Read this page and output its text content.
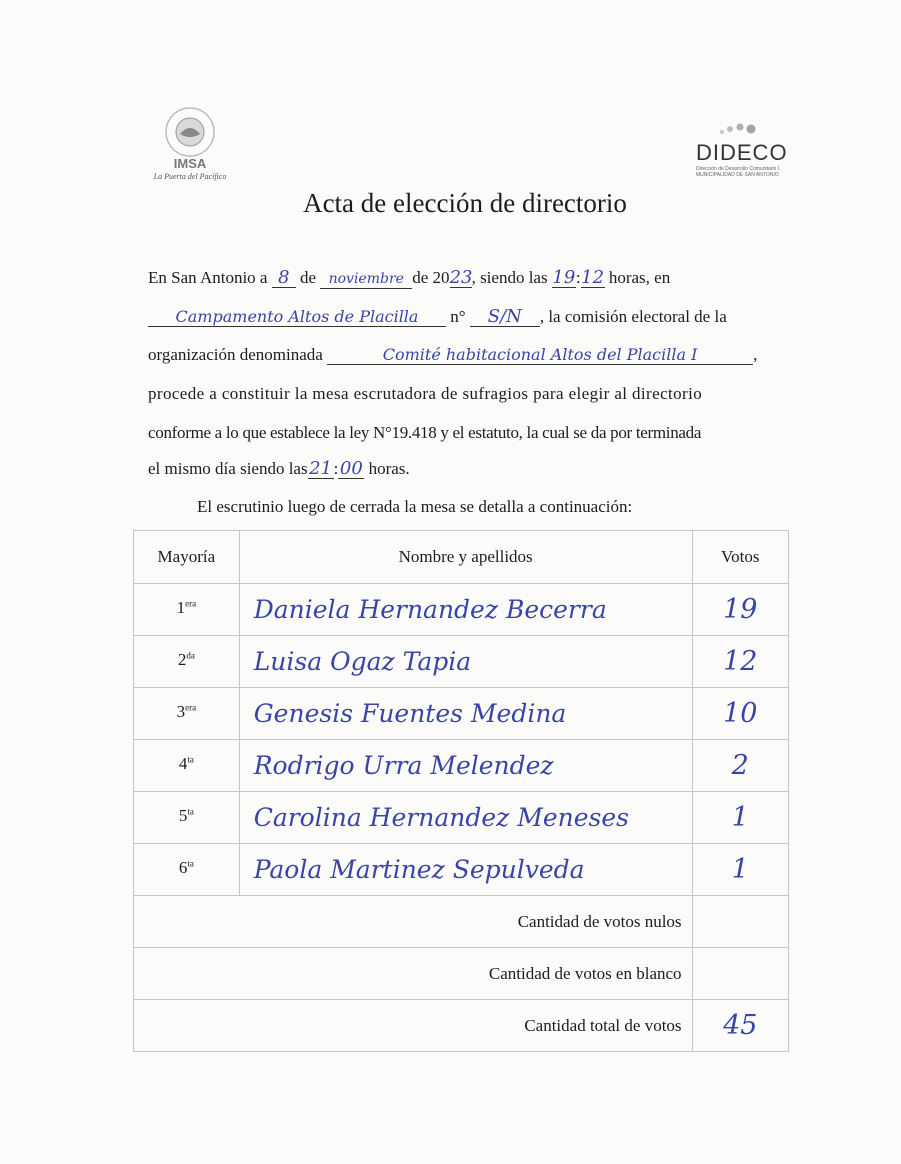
IMSA
La Puerta del Pacífico
DIDECO
Dirección de Desarrollo Comunitario I. MUNICIPALIDAD DE SAN ANTONIO
Acta de elección de directorio
En San Antonio a 8 de noviembre de 2023, siendo las 19:12 horas, en
Campamento Altos de Placilla n° S/N , la comisión electoral de la
organización denominada	Comité habitacional Altos del Placilla I	,
procede a constituir la mesa escrutadora de sufragios para elegir al directorio
conforme a lo que establece la ley N°19.418 y el estatuto, la cual se da por terminada
el mismo día siendo las21:00 horas.
El escrutinio luego de cerrada la mesa se detalla a continuación:
Mayoría	Nombre y apellidos	Votos
$1^{era}$	Daniela Hernandez Becerra	19
$2^{da}$	Luisa Ogaz Tapia	12
$3^{era}$	Genesis Fuentes Medina	10
$4^{ta}$	Rodrigo Urra Melendez	2
$5^{ta}$	Carolina Hernandez Meneses	1
$6^{ta}$	Paola Martinez Sepulveda	1
Cantidad de votos nulos		
Cantidad de votos en blanco		
Cantidad total de votos		45
